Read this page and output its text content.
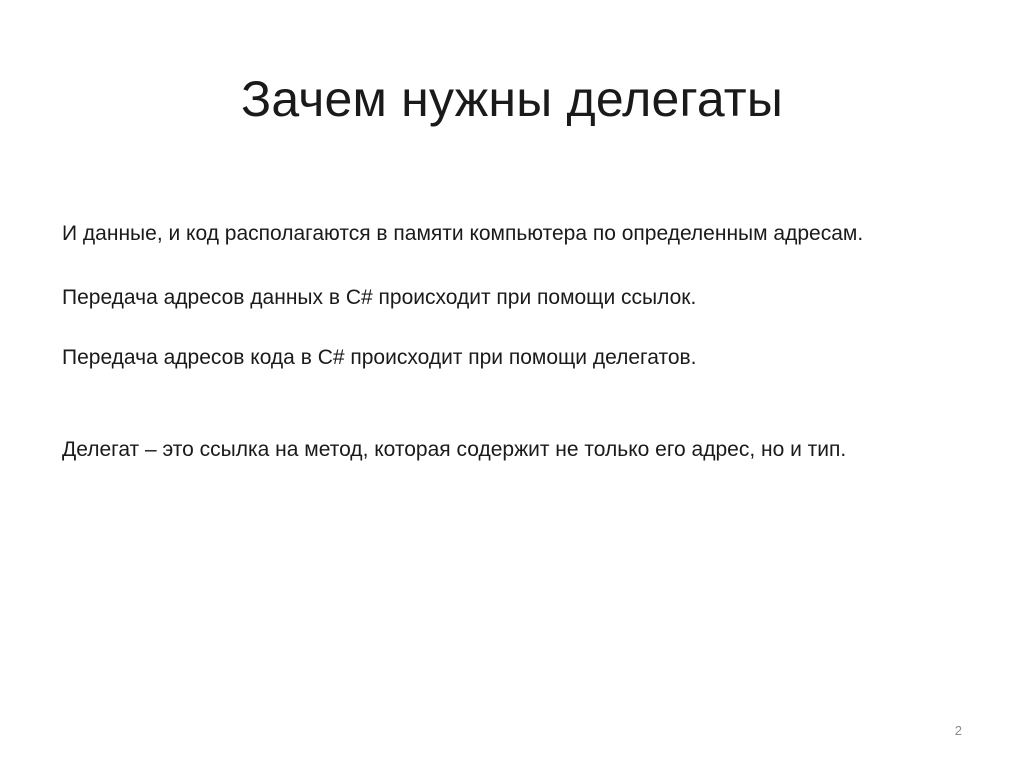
Зачем нужны делегаты

И данные, и код располагаются в памяти компьютера по определенным адресам.

Передача адресов данных в C# происходит при помощи ссылок.

Передача адресов кода в C# происходит при помощи делегатов.

Делегат – это ссылка на метод, которая содержит не только его адрес, но и тип.

2
